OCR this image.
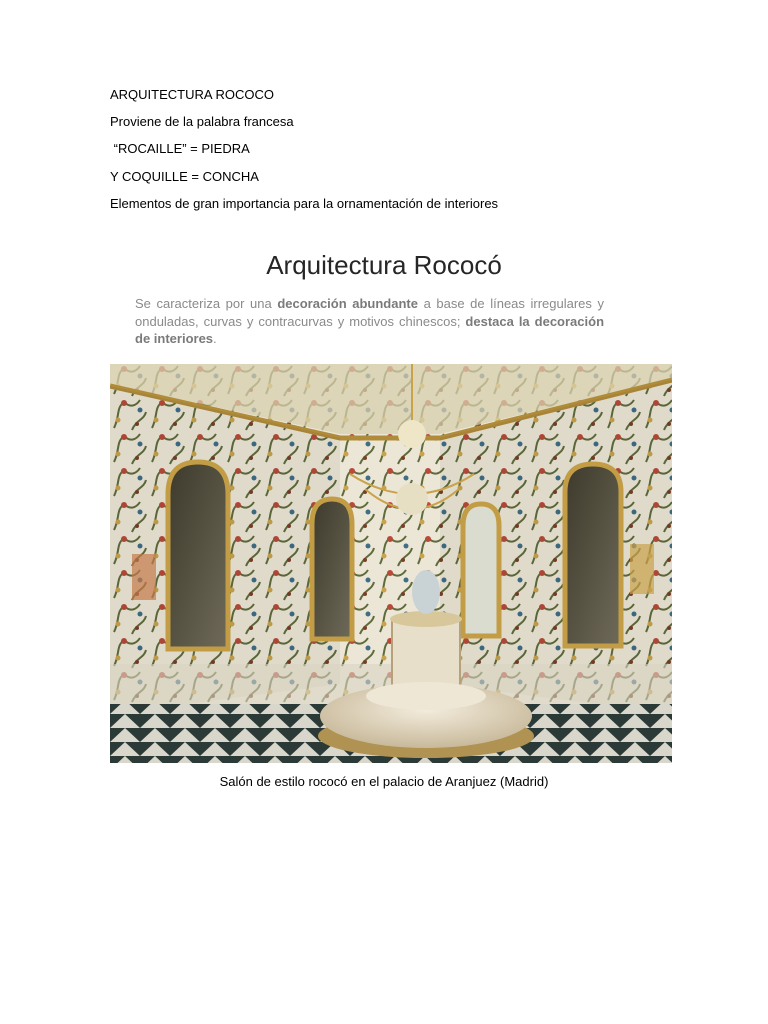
ARQUITECTURA ROCOCO
Proviene de la palabra francesa
“ROCAILLE” = PIEDRA
Y COQUILLE = CONCHA
Elementos de gran importancia para la ornamentación de interiores
Arquitectura Rococó
Se caracteriza por una decoración abundante a base de líneas irregulares y onduladas, curvas y contracurvas y motivos chinescos; destaca la decoración de interiores.
Salón de estilo rococó en el palacio de Aranjuez (Madrid)
